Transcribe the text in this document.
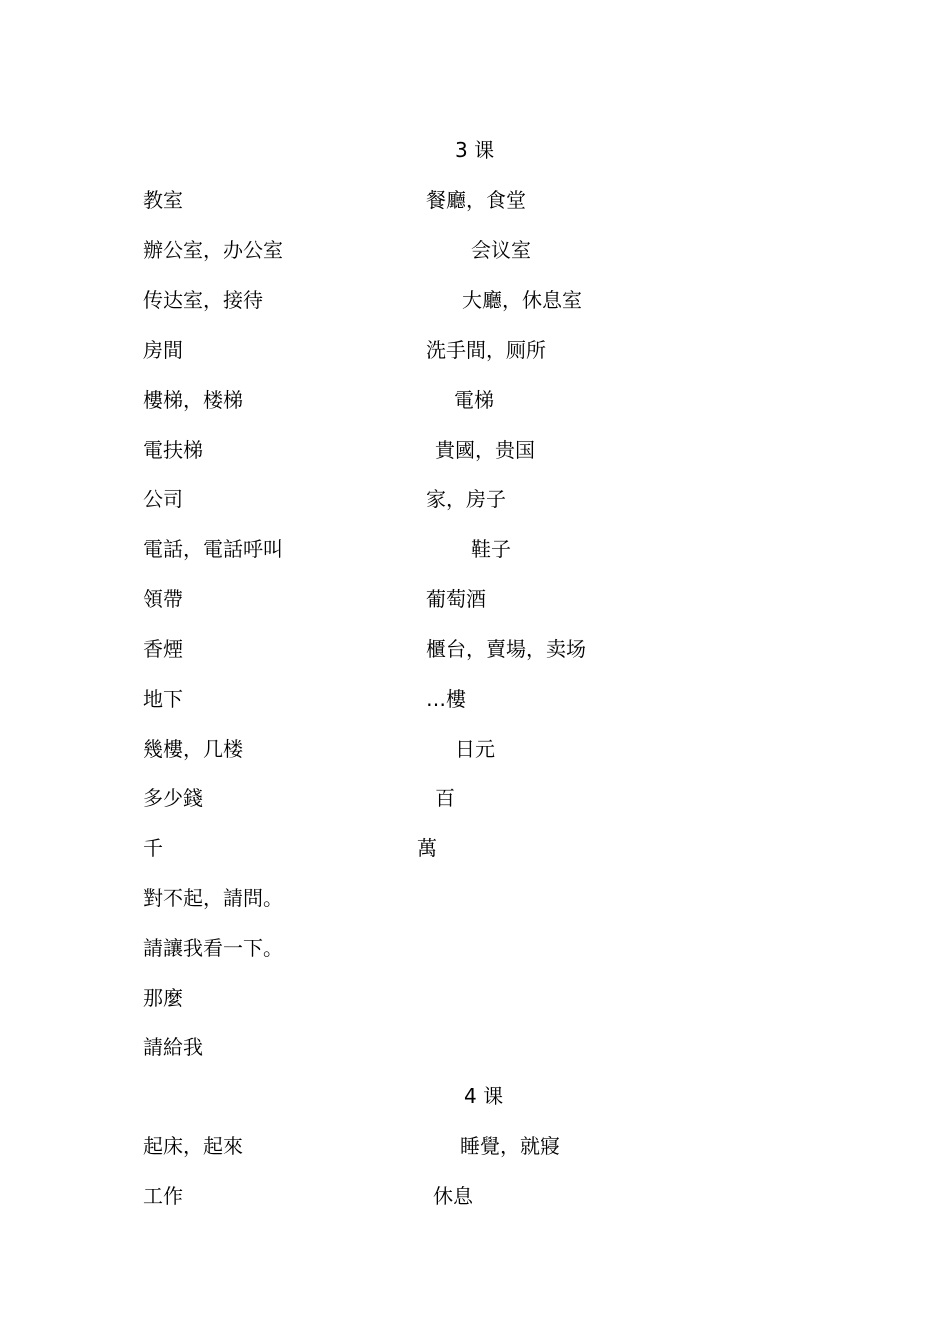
3 课
教室	餐廳，食堂
辦公室，办公室	会议室
传达室，接待	大廳，休息室
房間	洗手間，厕所
樓梯，楼梯	電梯
電扶梯	貴國，贵国
公司	家，房子
電話，電話呼叫	鞋子
領帶	葡萄酒
香煙	櫃台，賣場，卖场
地下	…樓
幾樓，几楼	日元
多少錢	百
千	萬
對不起，請問。
請讓我看一下。
那麼
請給我
4 课
起床，起來	睡覺，就寢
工作	休息
